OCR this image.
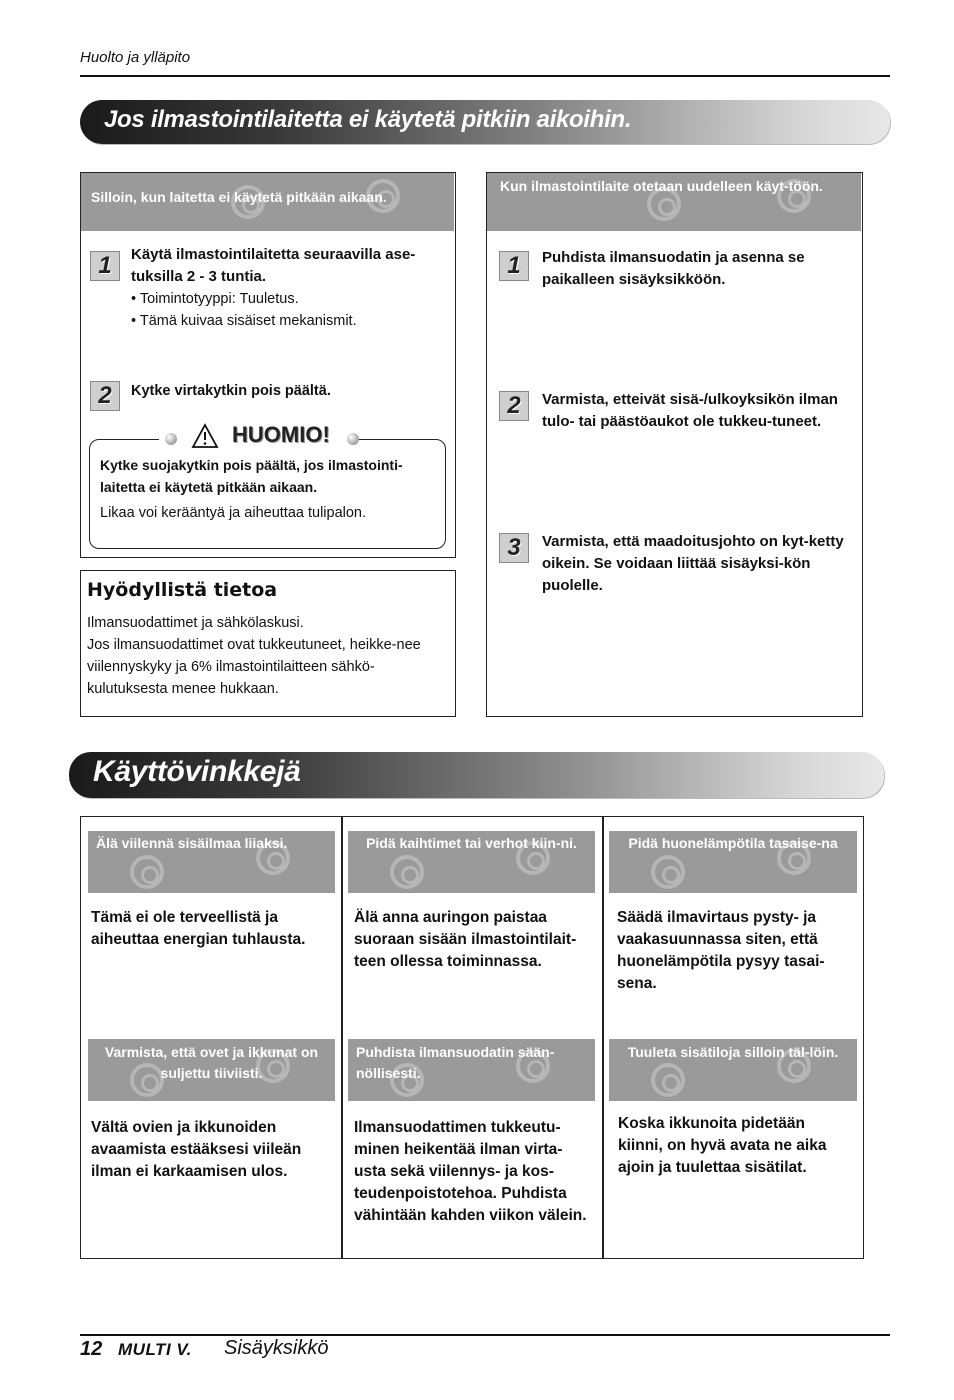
Huolto ja ylläpito
Jos ilmastointilaitetta ei käytetä pitkiin aikoihin.
Silloin, kun laitetta ei käytetä pitkään aikaan.
1	Käytä ilmastointilaitetta seuraavilla ase-tuksilla 2 - 3 tuntia.
• Toimintotyyppi: Tuuletus.
• Tämä kuivaa sisäiset mekanismit.
2	Kytke virtakytkin pois päältä.
Kytke suojakytkin pois päältä, jos ilmastointi-laitetta ei käytetä pitkään aikaan.
Likaa voi kerääntyä ja aiheuttaa tulipalon.
HUOMIO!
Hyödyllistä tietoa
Ilmansuodattimet ja sähkölaskusi.
Jos ilmansuodattimet ovat tukkeutuneet, heikke-nee viilennyskyky ja 6% ilmastointilaitteen sähkö-kulutuksesta menee hukkaan.
Kun ilmastointilaite otetaan uudelleen käyt-töön.
1	Puhdista ilmansuodatin ja asenna se paikalleen sisäyksikköön.
2	Varmista, etteivät sisä-/ulkoyksikön ilman tulo- tai päästöaukot ole tukkeu-tuneet.
3	Varmista, että maadoitusjohto on kyt-ketty oikein. Se voidaan liittää sisäyksi-kön puolelle.
Käyttövinkkejä
Älä viilennä sisäilmaa liiaksi.
Tämä ei ole terveellistä ja aiheuttaa energian tuhlausta.
Pidä kaihtimet tai verhot kiin-ni.
Älä anna auringon paistaa suoraan sisään ilmastointilait-teen ollessa toiminnassa.
Pidä huonelämpötila tasaise-na
Säädä ilmavirtaus pysty- ja vaakasuunnassa siten, että huonelämpötila pysyy tasai-sena.
Varmista, että ovet ja ikkunat on suljettu tiiviisti.
Vältä ovien ja ikkunoiden avaamista estääksesi viileän ilman ei karkaamisen ulos.
Puhdista ilmansuodatin sään-nöllisesti.
Ilmansuodattimen tukkeutu-minen heikentää ilman virta-usta sekä viilennys- ja kos-teudenpoistotehoa. Puhdista vähintään kahden viikon välein.
Tuuleta sisätiloja silloin täl-löin.
Koska ikkunoita pidetään kiinni, on hyvä avata ne aika ajoin ja tuulettaa sisätilat.
12 MULTI V. Sisäyksikkö
